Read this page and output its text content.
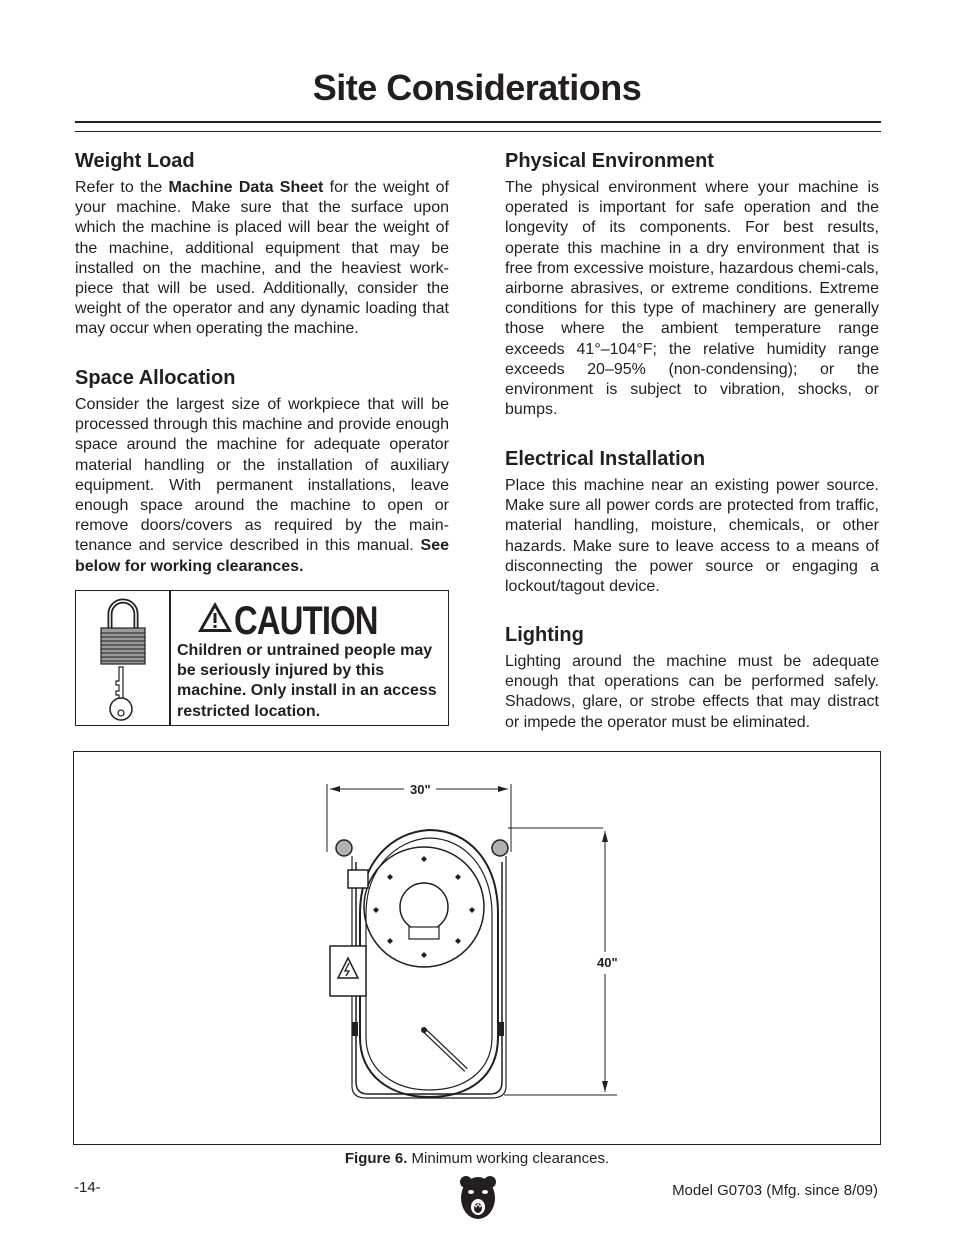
Site Considerations
Weight Load

Refer to the Machine Data Sheet for the weight of your machine. Make sure that the surface upon which the machine is placed will bear the weight of the machine, additional equipment that may be installed on the machine, and the heaviest work-piece that will be used. Additionally, consider the weight of the operator and any dynamic loading that may occur when operating the machine.

Space Allocation

Consider the largest size of workpiece that will be processed through this machine and provide enough space around the machine for adequate operator material handling or the installation of auxiliary equipment. With permanent installations, leave enough space around the machine to open or remove doors/covers as required by the main-tenance and service described in this manual. See below for working clearances.

CAUTION
Children or untrained people may be seriously injured by this machine. Only install in an access restricted location.
Physical Environment

The physical environment where your machine is operated is important for safe operation and the longevity of its components. For best results, operate this machine in a dry environment that is free from excessive moisture, hazardous chemi-cals, airborne abrasives, or extreme conditions. Extreme conditions for this type of machinery are generally those where the ambient temperature range exceeds 41°–104°F; the relative humidity range exceeds 20–95% (non-condensing); or the environment is subject to vibration, shocks, or bumps.

Electrical Installation

Place this machine near an existing power source. Make sure all power cords are protected from traffic, material handling, moisture, chemicals, or other hazards. Make sure to leave access to a means of disconnecting the power source or engaging a lockout/tagout device.

Lighting

Lighting around the machine must be adequate enough that operations can be performed safely. Shadows, glare, or strobe effects that may distract or impede the operator must be eliminated.

30"
40"
Figure 6. Minimum working clearances.
-14-	Model G0703 (Mfg. since 8/09)
